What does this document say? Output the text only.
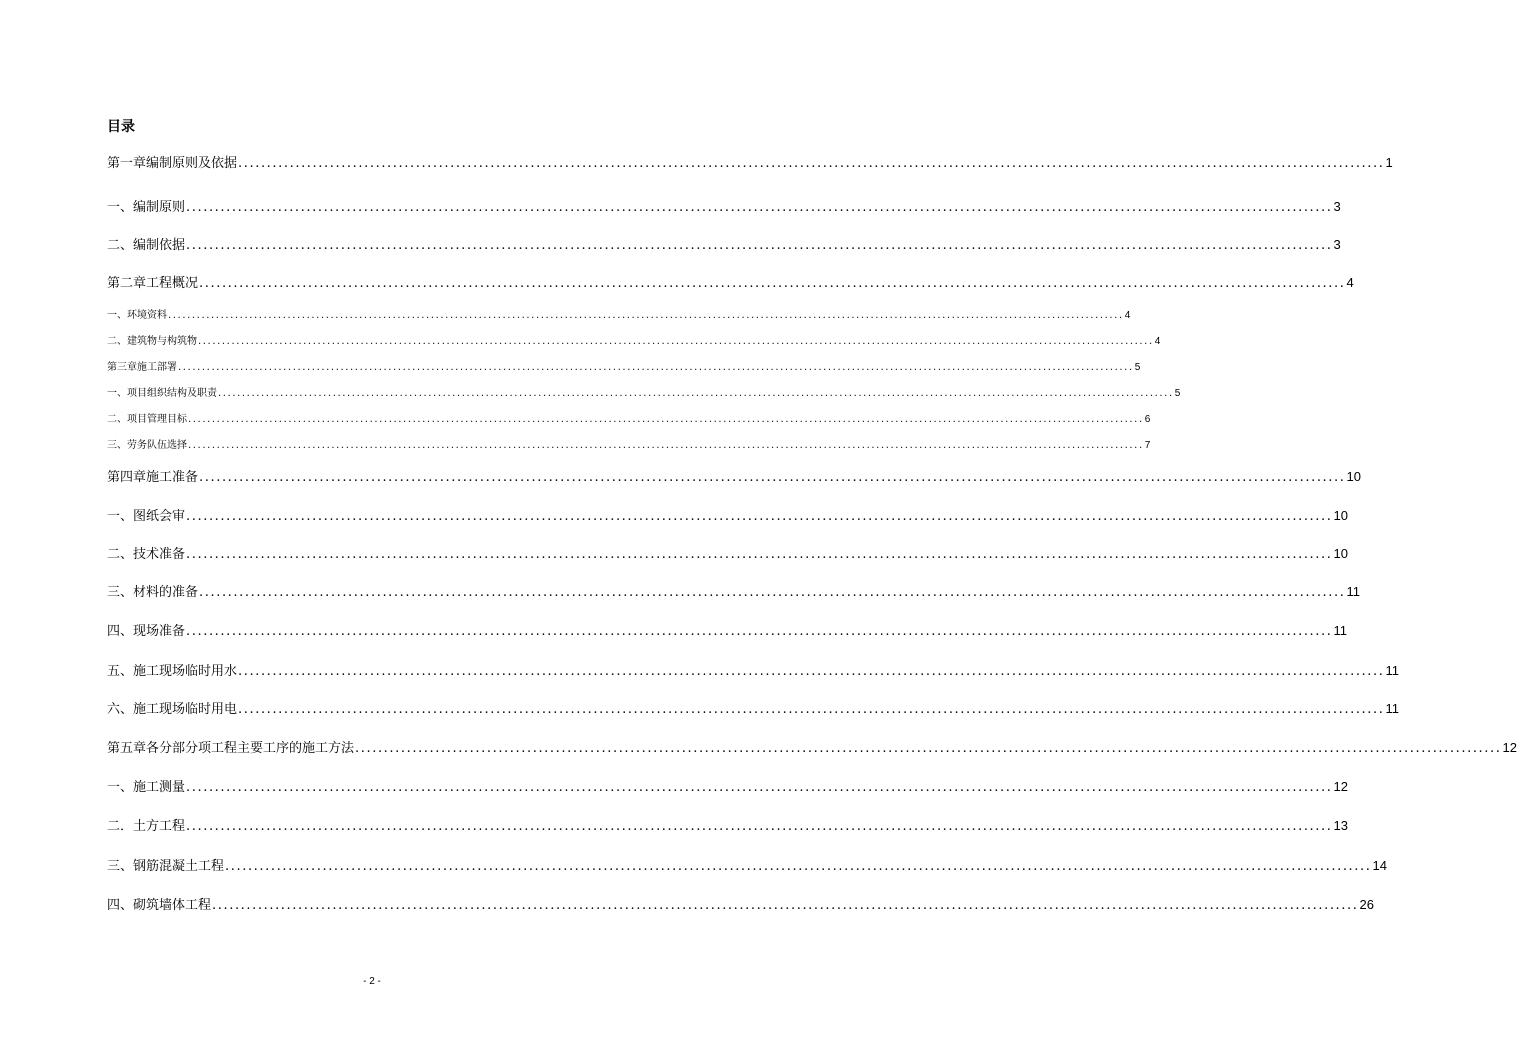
目录
第一章编制原则及依据 ........................................................................................................................................................................................................ 1
一、编制原则 ........................................................................................................................................................................................................ 3
二、编制依据 ........................................................................................................................................................................................................ 3
第二章工程概况 ........................................................................................................................................................................................................ 4
一、环境资料 ........................................................................................................................................................................................................ 4
二、建筑物与构筑物 ........................................................................................................................................................................................................ 4
第三章施工部署 ........................................................................................................................................................................................................ 5
一、项目组织结构及职责 ........................................................................................................................................................................................................ 5
二、项目管理目标 ........................................................................................................................................................................................................ 6
三、劳务队伍选择 ........................................................................................................................................................................................................ 7
第四章施工准备 ........................................................................................................................................................................................................ 10
一、图纸会审 ........................................................................................................................................................................................................ 10
二、技术准备 ........................................................................................................................................................................................................ 10
三、材料的准备 ........................................................................................................................................................................................................ 11
四、现场准备 ........................................................................................................................................................................................................ 11
五、施工现场临时用水 ........................................................................................................................................................................................................ 11
六、施工现场临时用电 ........................................................................................................................................................................................................ 11
第五章各分部分项工程主要工序的施工方法 ........................................................................................................................................................................................................ 12
一、施工测量 ........................................................................................................................................................................................................ 12
二．土方工程 ........................................................................................................................................................................................................ 13
三、钢筋混凝土工程 ........................................................................................................................................................................................................ 14
四、砌筑墙体工程 ........................................................................................................................................................................................................ 26
- 2 -
